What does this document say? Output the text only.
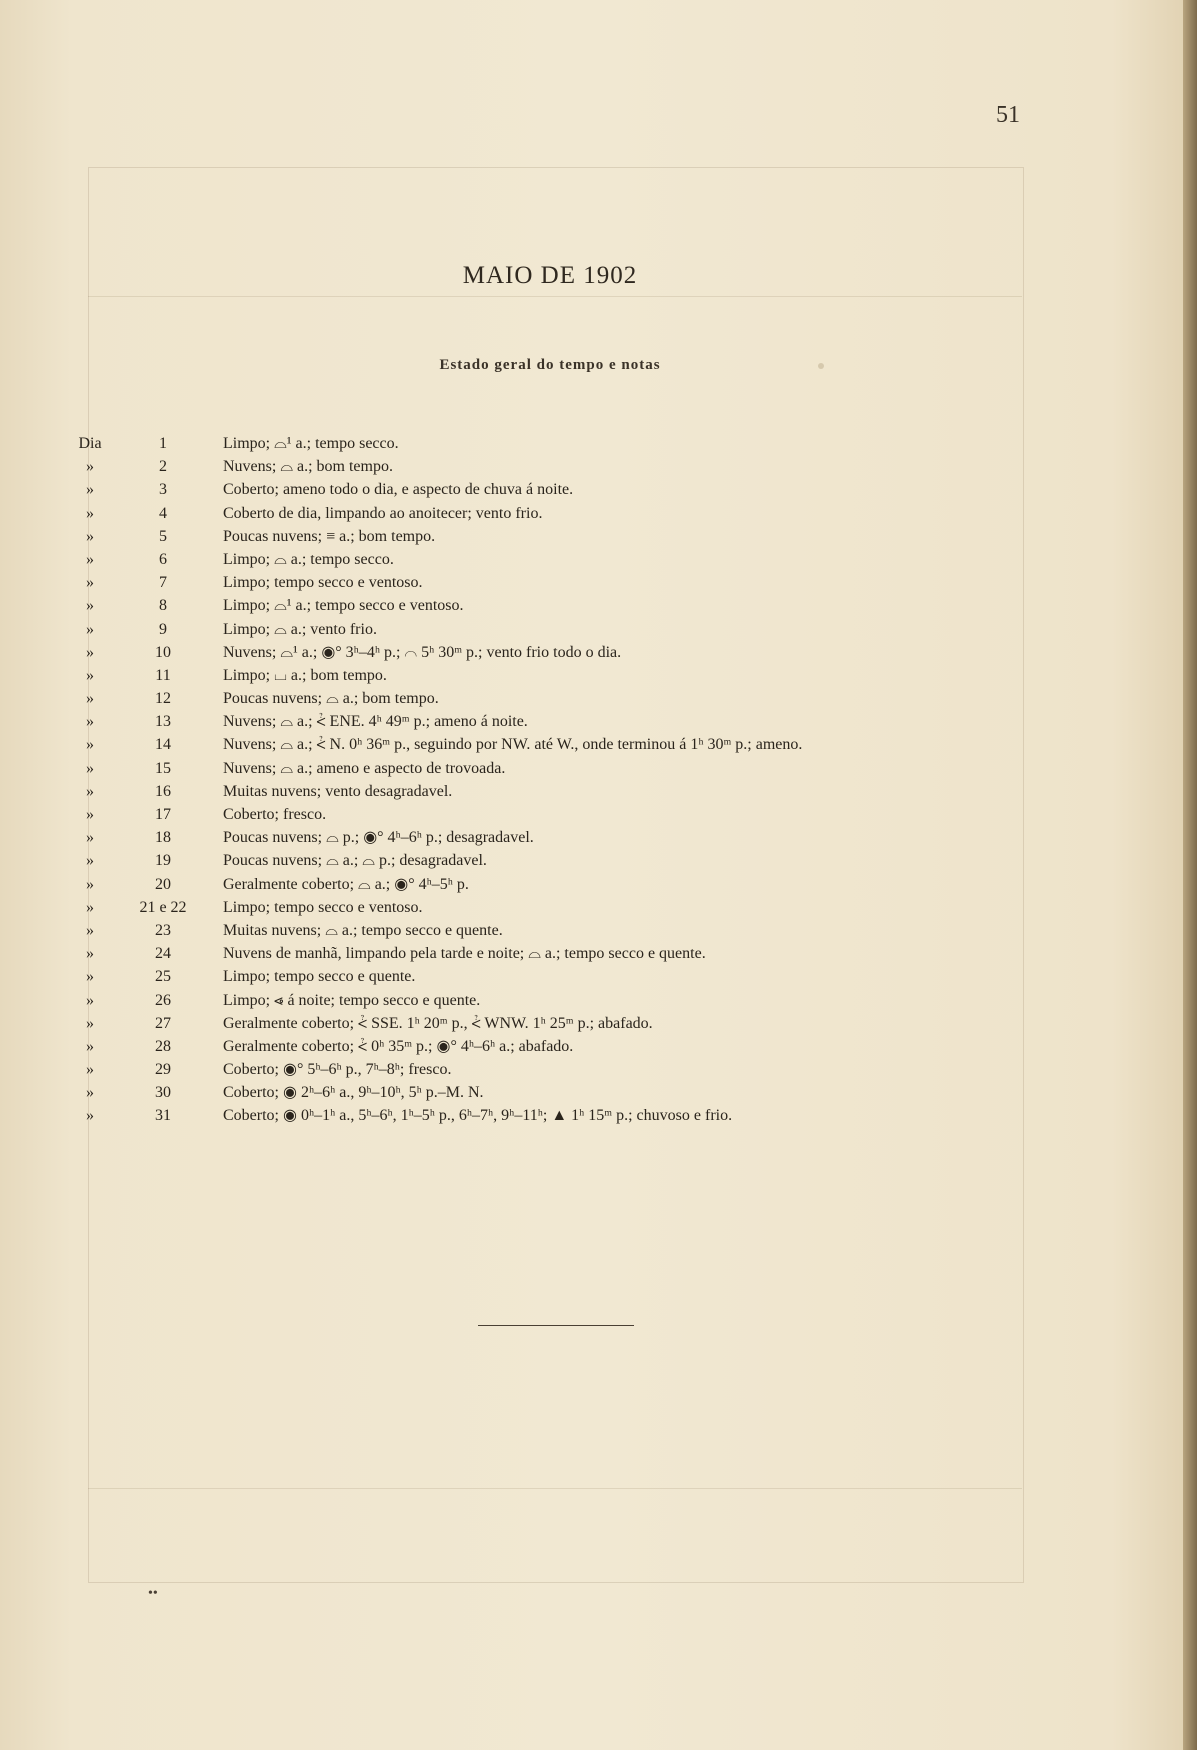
51
MAIO DE 1902
Estado geral do tempo e notas
Dia	1	Limpo; ⌓¹ a.; tempo secco.
»	2	Nuvens; ⌓ a.; bom tempo.
»	3	Coberto; ameno todo o dia, e aspecto de chuva á noite.
»	4	Coberto de dia, limpando ao anoitecer; vento frio.
»	5	Poucas nuvens; ≡ a.; bom tempo.
»	6	Limpo; ⌓ a.; tempo secco.
»	7	Limpo; tempo secco e ventoso.
»	8	Limpo; ⌓¹ a.; tempo secco e ventoso.
»	9	Limpo; ⌓ a.; vento frio.
»	10	Nuvens; ⌓¹ a.; ◉° 3ʰ–4ʰ p.; ⌒ 5ʰ 30ᵐ p.; vento frio todo o dia.
»	11	Limpo; ⌴ a.; bom tempo.
»	12	Poucas nuvens; ⌓ a.; bom tempo.
»	13	Nuvens; ⌓ a.; ⩻ ENE. 4ʰ 49ᵐ p.; ameno á noite.
»	14	Nuvens; ⌓ a.; ⩻ N. 0ʰ 36ᵐ p., seguindo por NW. até W., onde terminou á 1ʰ 30ᵐ p.; ameno.
»	15	Nuvens; ⌓ a.; ameno e aspecto de trovoada.
»	16	Muitas nuvens; vento desagradavel.
»	17	Coberto; fresco.
»	18	Poucas nuvens; ⌓ p.; ◉° 4ʰ–6ʰ p.; desagradavel.
»	19	Poucas nuvens; ⌓ a.; ⌓ p.; desagradavel.
»	20	Geralmente coberto; ⌓ a.; ◉° 4ʰ–5ʰ p.
»	21 e 22	Limpo; tempo secco e ventoso.
»	23	Muitas nuvens; ⌓ a.; tempo secco e quente.
»	24	Nuvens de manhã, limpando pela tarde e noite; ⌓ a.; tempo secco e quente.
»	25	Limpo; tempo secco e quente.
»	26	Limpo; ⩹ á noite; tempo secco e quente.
»	27	Geralmente coberto; ⩻ SSE. 1ʰ 20ᵐ p., ⩻ WNW. 1ʰ 25ᵐ p.; abafado.
»	28	Geralmente coberto; ⩻ 0ʰ 35ᵐ p.; ◉° 4ʰ–6ʰ a.; abafado.
»	29	Coberto; ◉° 5ʰ–6ʰ p., 7ʰ–8ʰ; fresco.
»	30	Coberto; ◉ 2ʰ–6ʰ a., 9ʰ–10ʰ, 5ʰ p.–M. N.
»	31	Coberto; ◉ 0ʰ–1ʰ a., 5ʰ–6ʰ, 1ʰ–5ʰ p., 6ʰ–7ʰ, 9ʰ–11ʰ; ▲ 1ʰ 15ᵐ p.; chuvoso e frio.
••
